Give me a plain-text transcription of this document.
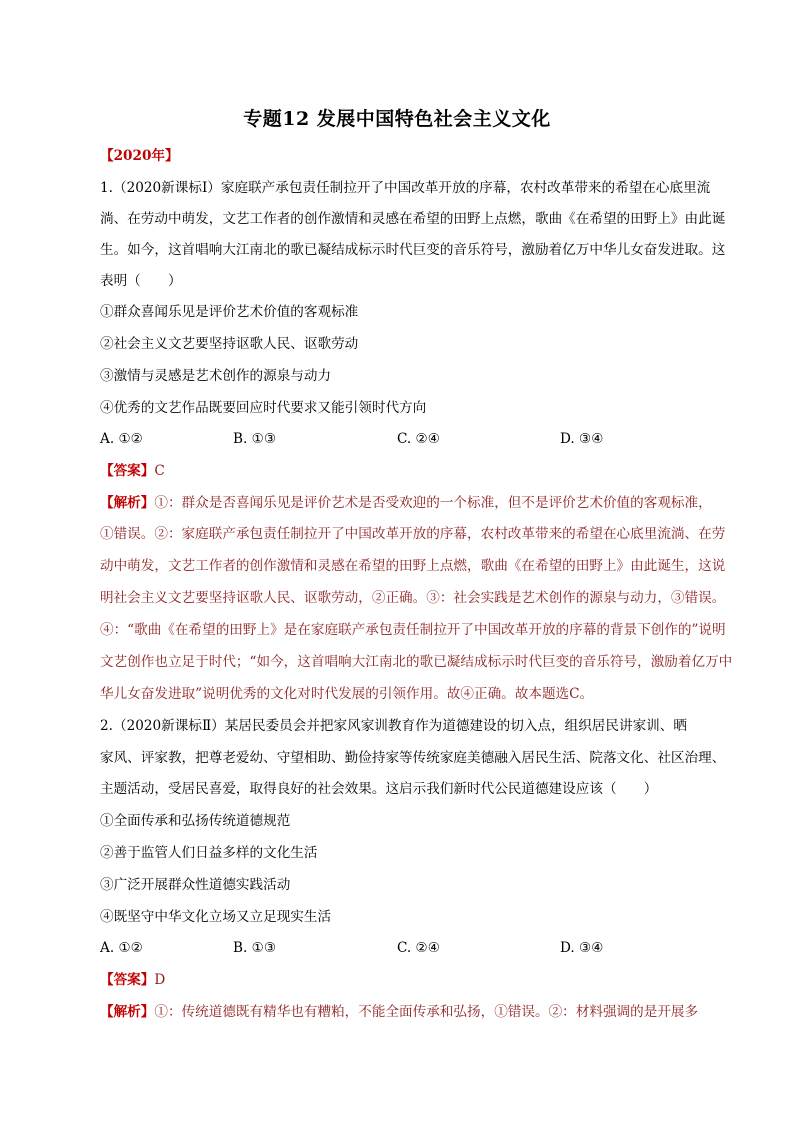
专题12 发展中国特色社会主义文化
【2020年】
1.（2020新课标Ⅰ）家庭联产承包责任制拉开了中国改革开放的序幕，农村改革带来的希望在心底里流
淌、在劳动中萌发，文艺工作者的创作激情和灵感在希望的田野上点燃，歌曲《在希望的田野上》由此诞
生。如今，这首唱响大江南北的歌已凝结成标示时代巨变的音乐符号，激励着亿万中华儿女奋发进取。这
表明（　　）
①群众喜闻乐见是评价艺术价值的客观标准
②社会主义文艺要坚持讴歌人民、讴歌劳动
③激情与灵感是艺术创作的源泉与动力
④优秀的文艺作品既要回应时代要求又能引领时代方向
A. ①②	B. ①③	C. ②④	D. ③④
【答案】C
【解析】①：群众是否喜闻乐见是评价艺术是否受欢迎的一个标准，但不是评价艺术价值的客观标准，
①错误。②：家庭联产承包责任制拉开了中国改革开放的序幕，农村改革带来的希望在心底里流淌、在劳
动中萌发，文艺工作者的创作激情和灵感在希望的田野上点燃，歌曲《在希望的田野上》由此诞生，这说
明社会主义文艺要坚持讴歌人民、讴歌劳动，②正确。③：社会实践是艺术创作的源泉与动力，③错误。
④：“歌曲《在希望的田野上》是在家庭联产承包责任制拉开了中国改革开放的序幕的背景下创作的”说明
文艺创作也立足于时代；“如今，这首唱响大江南北的歌已凝结成标示时代巨变的音乐符号，激励着亿万中
华儿女奋发进取”说明优秀的文化对时代发展的引领作用。故④正确。故本题选C。
2.（2020新课标Ⅱ）某居民委员会并把家风家训教育作为道德建设的切入点，组织居民讲家训、晒
家风、评家教，把尊老爱幼、守望相助、勤俭持家等传统家庭美德融入居民生活、院落文化、社区治理、
主题活动，受居民喜爱，取得良好的社会效果。这启示我们新时代公民道德建设应该（　　）
①全面传承和弘扬传统道德规范
②善于监管人们日益多样的文化生活
③广泛开展群众性道德实践活动
④既坚守中华文化立场又立足现实生活
A. ①②	B. ①③	C. ②④	D. ③④
【答案】D
【解析】①：传统道德既有精华也有糟粕，不能全面传承和弘扬，①错误。②：材料强调的是开展多
